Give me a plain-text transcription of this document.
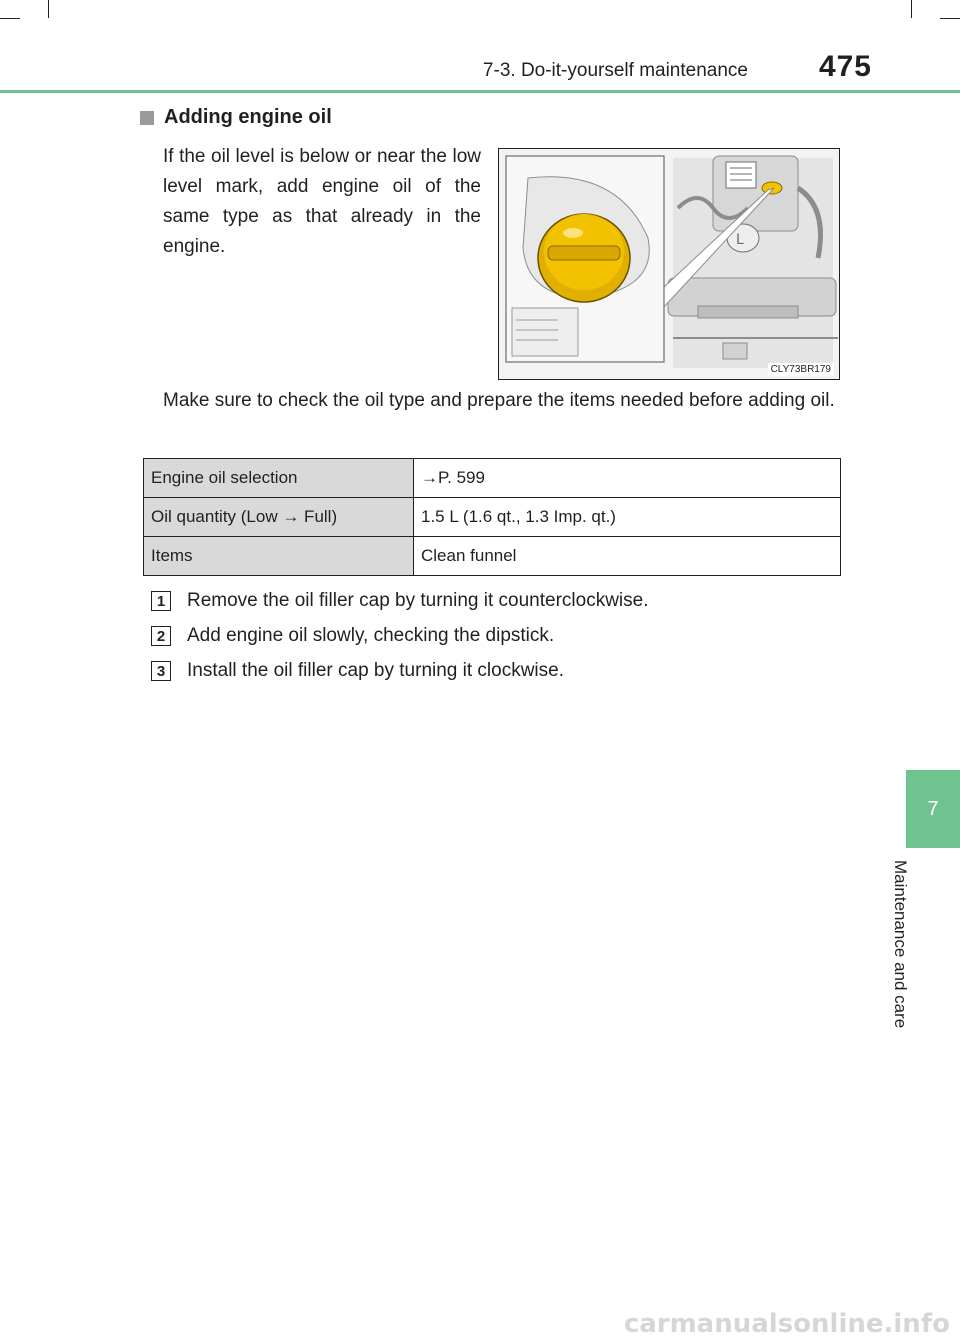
7-3. Do-it-yourself maintenance 475
7
Maintenance and care
Adding engine oil
If the oil level is below or near the low level mark, add engine oil of the same type as that already in the engine.	L
CLY73BR179
Make sure to check the oil type and prepare the items needed before adding oil.
Engine oil selection	→P. 599
Oil quantity (Low → Full)	1.5 L (1.6 qt., 1.3 Imp. qt.)
Items	Clean funnel
1	Remove the oil filler cap by turning it counterclockwise.
2	Add engine oil slowly, checking the dipstick.
3	Install the oil filler cap by turning it clockwise.
carmanualsonline.info
